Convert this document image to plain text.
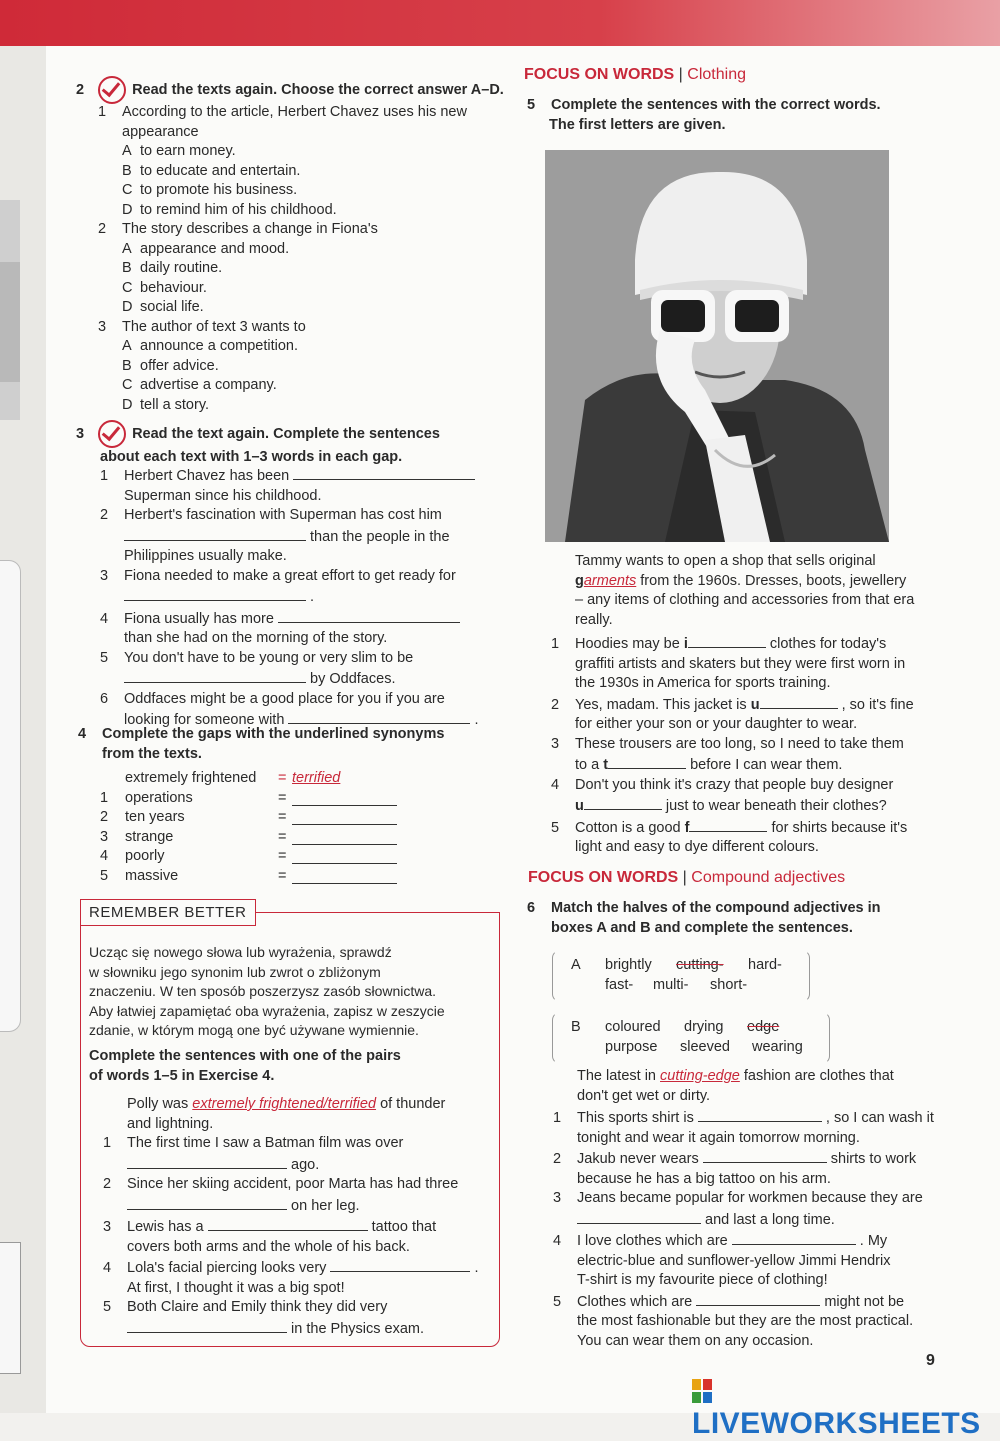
2	Read the texts again. Choose the correct answer A–D.
1 According to the article, Herbert Chavez uses his new
appearance
A to earn money.
B to educate and entertain.
C to promote his business.
D to remind him of his childhood.
2 The story describes a change in Fiona's
A appearance and mood.
B daily routine.
C behaviour.
D social life.
3 The author of text 3 wants to
A announce a competition.
B offer advice.
C advertise a company.
D tell a story.
3	Read the text again. Complete the sentences
about each text with 1–3 words in each gap.
1 Herbert Chavez has been
Superman since his childhood.
2 Herbert's fascination with Superman has cost him
than the people in the
Philippines usually make.
3 Fiona needed to make a great effort to get ready for
.
4 Fiona usually has more
than she had on the morning of the story.
5 You don't have to be young or very slim to be
by Oddfaces.
6 Oddfaces might be a good place for you if you are
looking for someone with	.
4 Complete the gaps with the underlined synonyms
from the texts.
extremely frightened = terrified
1 operations	=
2 ten years	=
3 strange	=
4 poorly	=
5 massive	=
REMEMBER BETTER
Ucząc się nowego słowa lub wyrażenia, sprawdź
w słowniku jego synonim lub zwrot o zbliżonym
znaczeniu. W ten sposób poszerzysz zasób słownictwa.
Aby łatwiej zapamiętać oba wyrażenia, zapisz w zeszycie
zdanie, w którym mogą one być używane wymiennie.
Complete the sentences with one of the pairs
of words 1–5 in Exercise 4.
Polly was extremely frightened/terrified of thunder
and lightning.
1 The first time I saw a Batman film was over
ago.
2 Since her skiing accident, poor Marta has had three
on her leg.
3 Lewis has a	tattoo that
covers both arms and the whole of his back.
4 Lola's facial piercing looks very	.
At first, I thought it was a big spot!
5 Both Claire and Emily think they did very
in the Physics exam.
FOCUS ON WORDS | Clothing
5 Complete the sentences with the correct words.
The first letters are given.
Tammy wants to open a shop that sells original
garments from the 1960s. Dresses, boots, jewellery
– any items of clothing and accessories from that era
really.
1 Hoodies may be i	clothes for today's
graffiti artists and skaters but they were first worn in
the 1930s in America for sports training.
2 Yes, madam. This jacket is u	, so it's fine
for either your son or your daughter to wear.
3 These trousers are too long, so I need to take them
to a t	before I can wear them.
4 Don't you think it's crazy that people buy designer
u	just to wear beneath their clothes?
5 Cotton is a good f	for shirts because it's
light and easy to dye different colours.
FOCUS ON WORDS | Compound adjectives
6 Match the halves of the compound adjectives in
boxes A and B and complete the sentences.
A brightly cutting- hard-
fast- multi- short-
B coloured drying edge
purpose sleeved wearing
The latest in cutting-edge fashion are clothes that
don't get wet or dirty.
1 This sports shirt is	, so I can wash it
tonight and wear it again tomorrow morning.
2 Jakub never wears	shirts to work
because he has a big tattoo on his arm.
3 Jeans became popular for workmen because they are
and last a long time.
4 I love clothes which are	. My
electric-blue and sunflower-yellow Jimmi Hendrix
T-shirt is my favourite piece of clothing!
5 Clothes which are	might not be
the most fashionable but they are the most practical.
You can wear them on any occasion.
9
LIVEWORKSHEETS
